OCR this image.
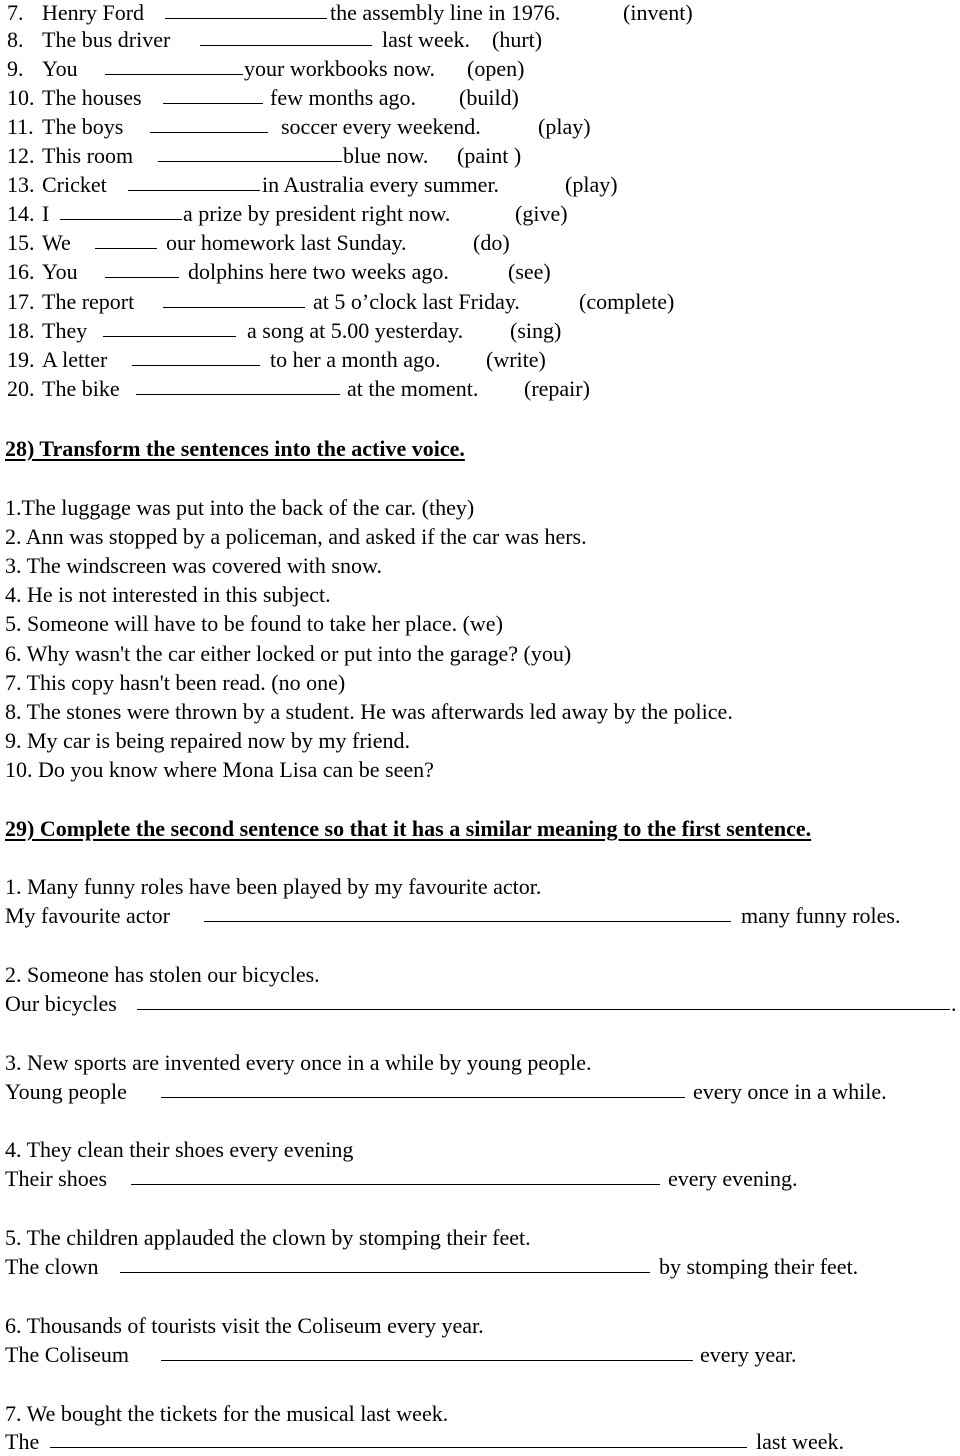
7. Henry Ford	the assembly line in 1976.	(invent)
8. The bus driver	last week. (hurt)
9. You	your workbooks now. (open)
10. The houses	few months ago. (build)
11. The boys	soccer every weekend.	(play)
12. This room	blue now. (paint )
13. Cricket	in Australia every summer.	(play)
14. I	a prize by president right now.	(give)
15. We	our homework last Sunday.	(do)
16. You	dolphins here two weeks ago.	(see)
17. The report	at 5 o’clock last Friday.	(complete)
18. They	a song at 5.00 yesterday. (sing)
19. A letter	to her a month ago. (write)
20. The bike	at the moment. (repair)
28) Transform the sentences into the active voice.
1.The luggage was put into the back of the car. (they)
2. Ann was stopped by a policeman, and asked if the car was hers.
3. The windscreen was covered with snow.
4. He is not interested in this subject.
5. Someone will have to be found to take her place. (we)
6. Why wasn't the car either locked or put into the garage? (you)
7. This copy hasn't been read. (no one)
8. The stones were thrown by a student. He was afterwards led away by the police.
9. My car is being repaired now by my friend.
10. Do you know where Mona Lisa can be seen?
29) Complete the second sentence so that it has a similar meaning to the first sentence.
1. Many funny roles have been played by my favourite actor.
My favourite actor	many funny roles.
2. Someone has stolen our bicycles.
Our bicycles	.
3. New sports are invented every once in a while by young people.
Young people	every once in a while.
4. They clean their shoes every evening
Their shoes	every evening.
5. The children applauded the clown by stomping their feet.
The clown	by stomping their feet.
6. Thousands of tourists visit the Coliseum every year.
The Coliseum	every year.
7. We bought the tickets for the musical last week.
The	last week.
